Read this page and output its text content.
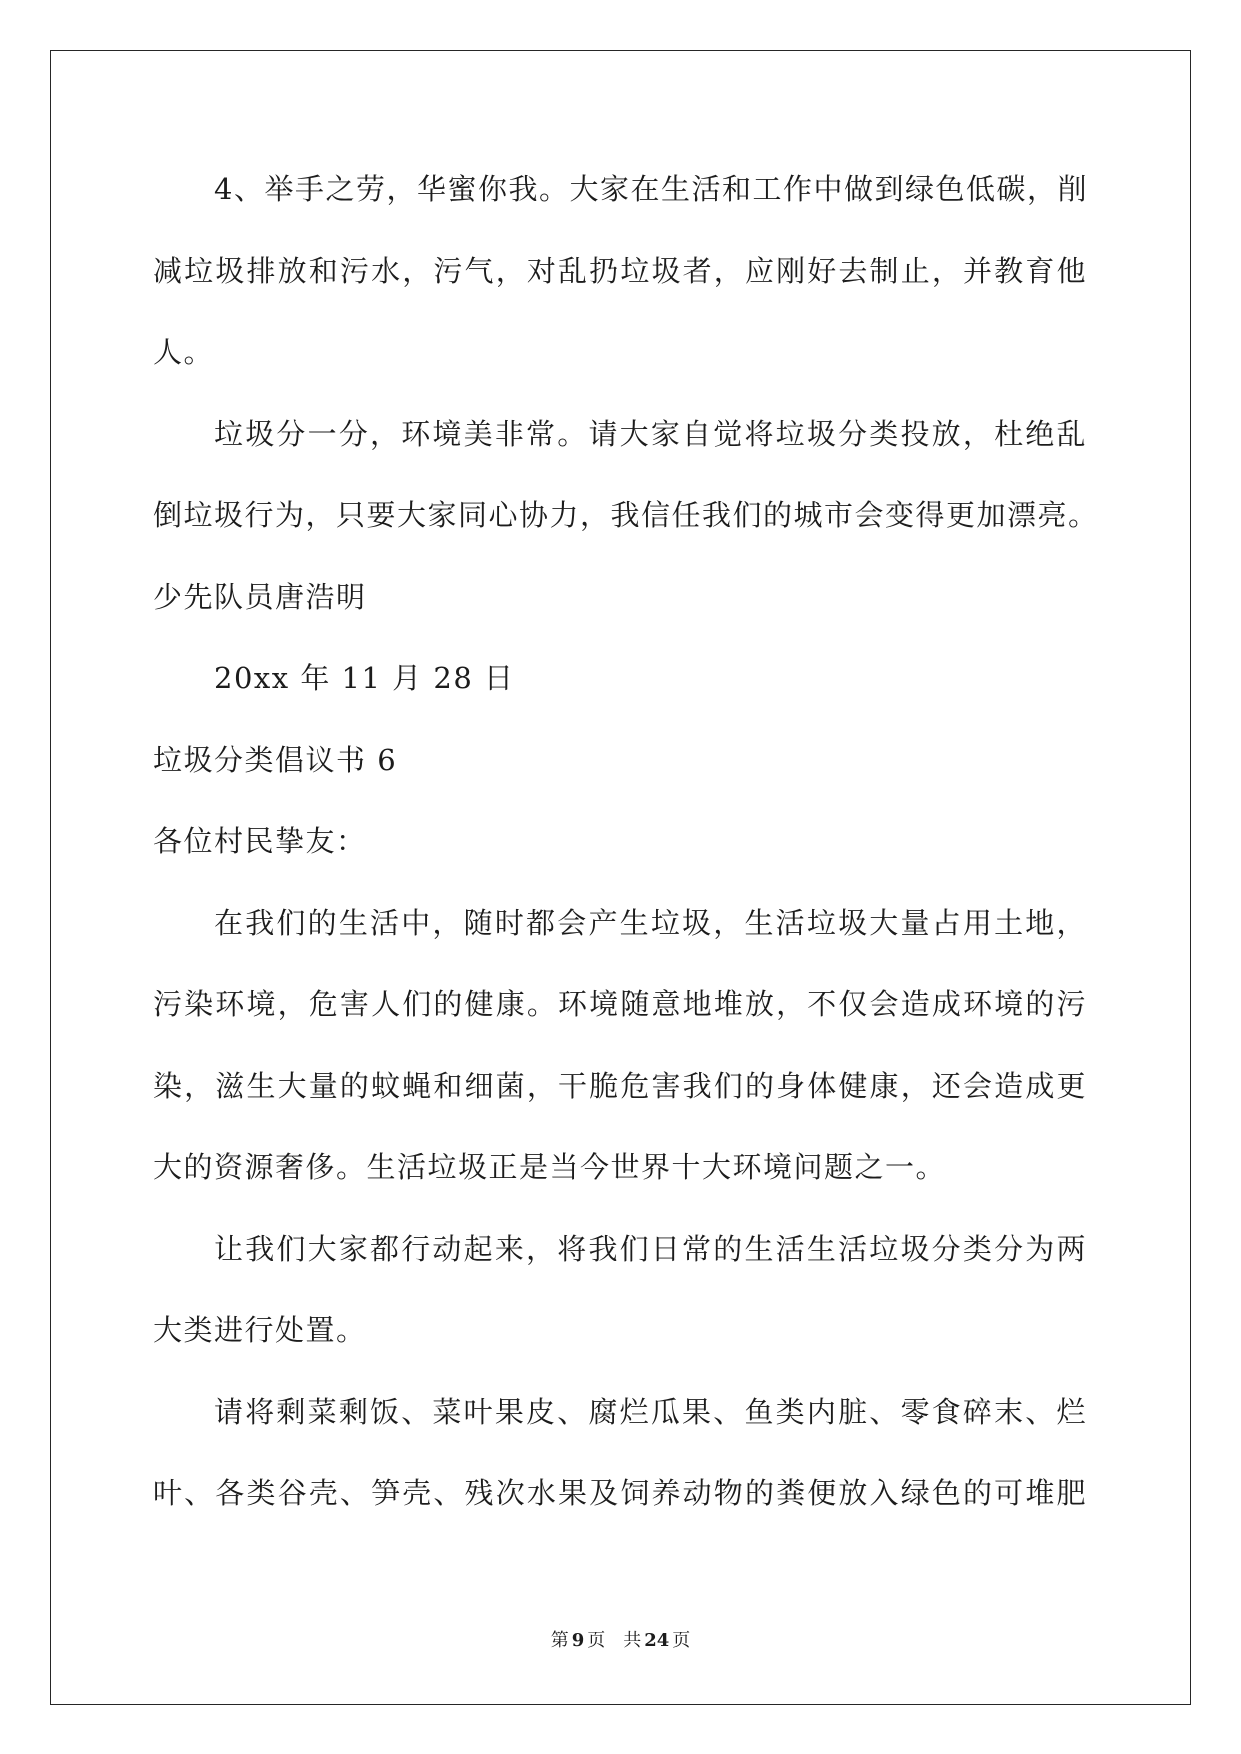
4、举手之劳，华蜜你我。大家在生活和工作中做到绿色低碳，削
减垃圾排放和污水，污气，对乱扔垃圾者，应刚好去制止，并教育他
人。
垃圾分一分，环境美非常。请大家自觉将垃圾分类投放，杜绝乱
倒垃圾行为，只要大家同心协力，我信任我们的城市会变得更加漂亮。
少先队员唐浩明
20xx 年 11 月 28 日
垃圾分类倡议书 6
各位村民挚友：
在我们的生活中，随时都会产生垃圾，生活垃圾大量占用土地，
污染环境，危害人们的健康。环境随意地堆放，不仅会造成环境的污
染，滋生大量的蚊蝇和细菌，干脆危害我们的身体健康，还会造成更
大的资源奢侈。生活垃圾正是当今世界十大环境问题之一。
让我们大家都行动起来，将我们日常的生活生活垃圾分类分为两
大类进行处置。
请将剩菜剩饭、菜叶果皮、腐烂瓜果、鱼类内脏、零食碎末、烂
叶、各类谷壳、笋壳、残次水果及饲养动物的粪便放入绿色的可堆肥
第 9 页 共 24 页
